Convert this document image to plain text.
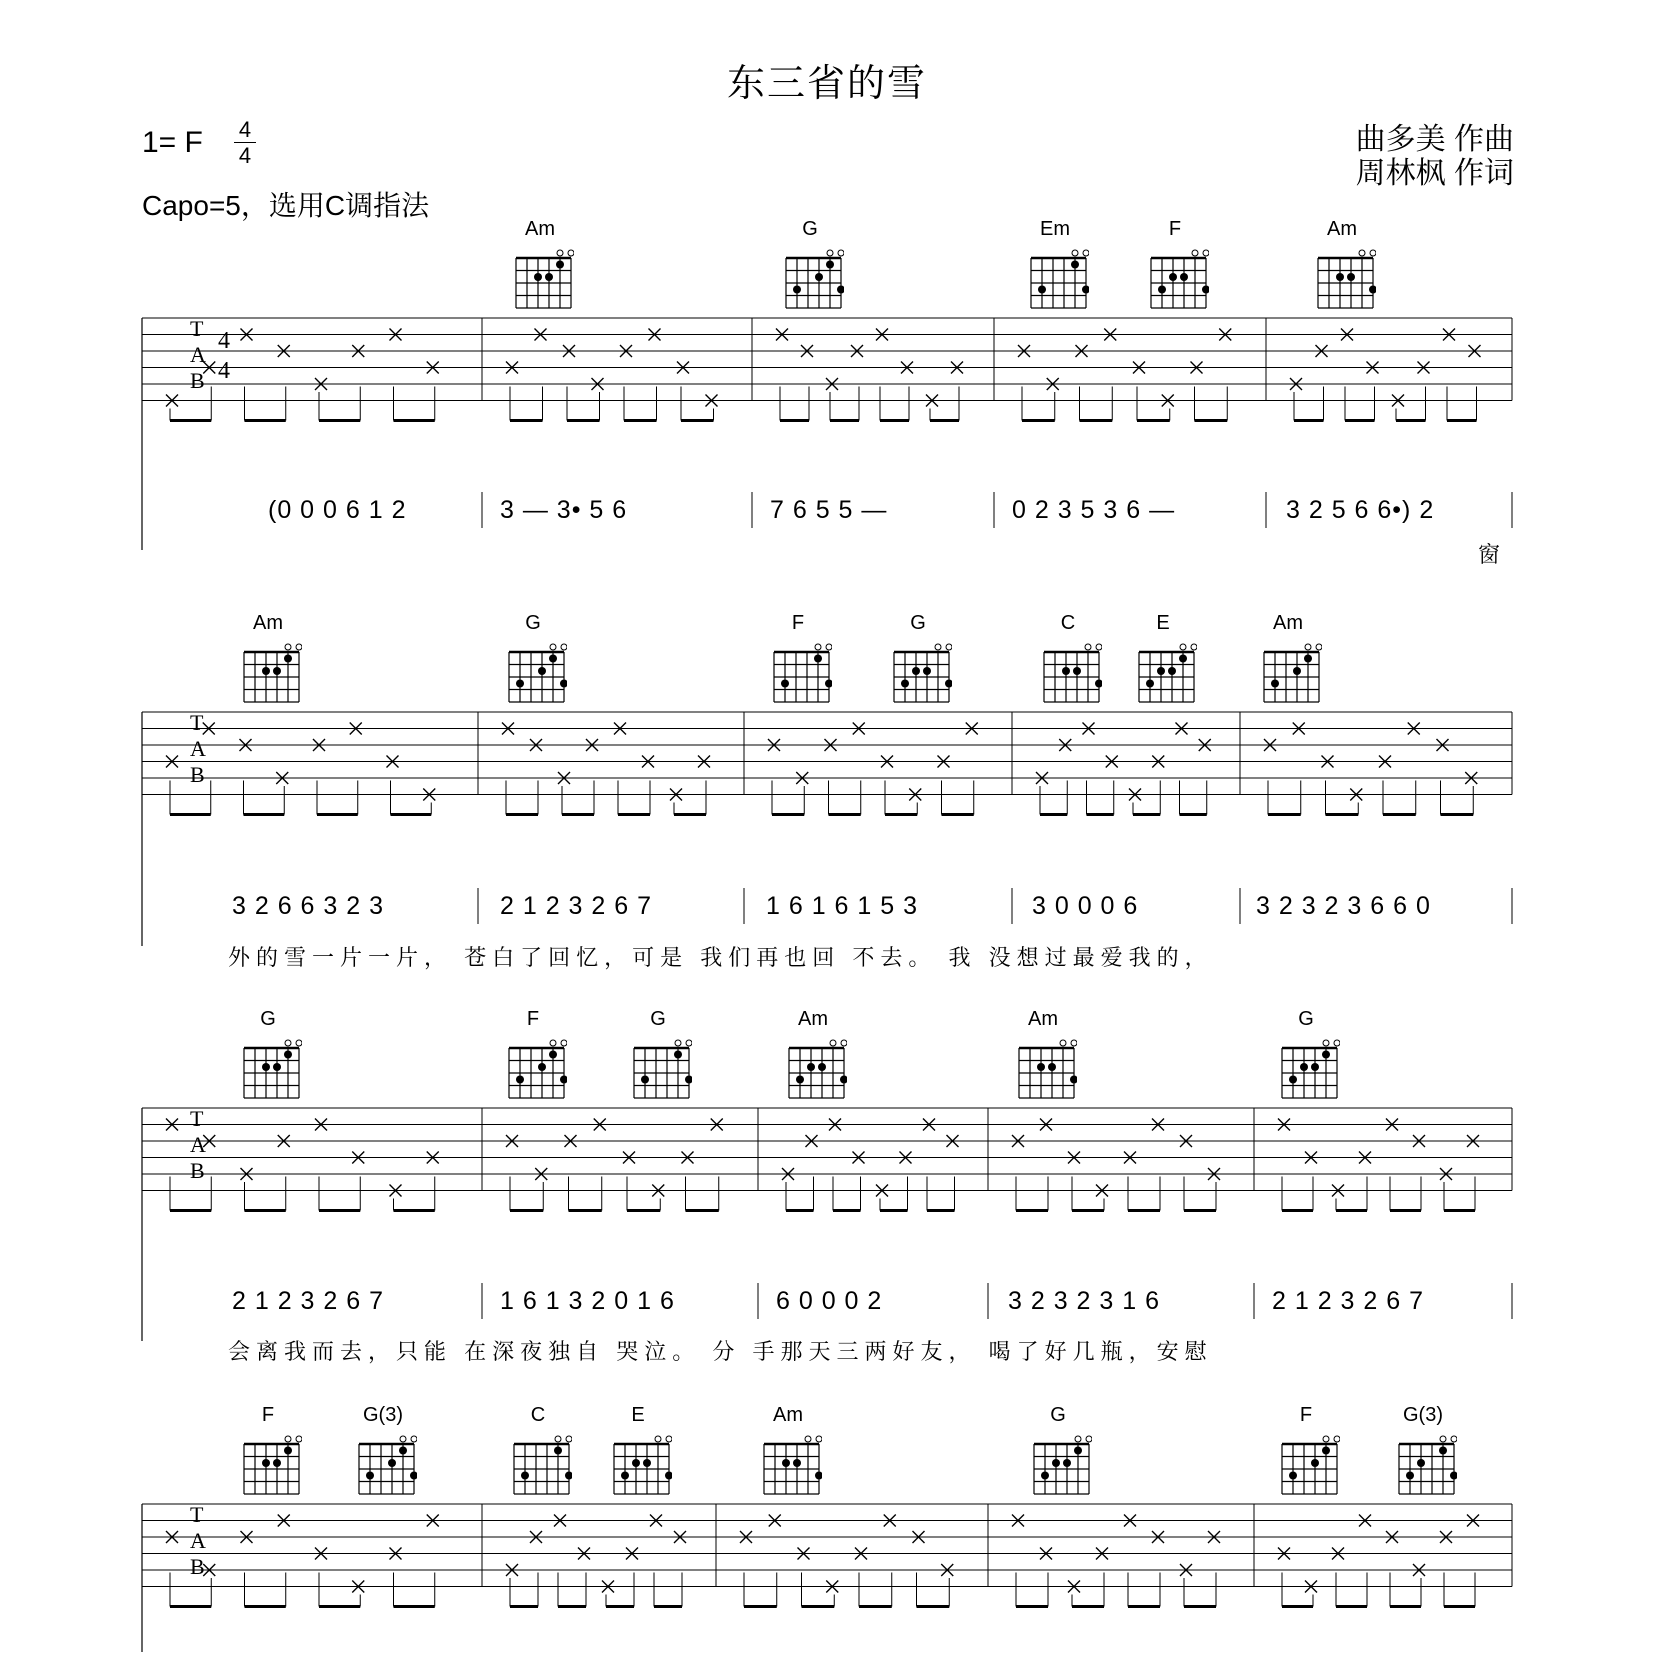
东三省的雪
1= F	4
4
Capo=5，选用C调指法
曲多美 作曲
周林枫 作词
Am	G	Em	F	Am
T
A
B
4
4
(0 0 0 6 1 2	3 — 3• 5 6	7 6 5 5 —	0 2 3 5 3 6 —	3 2 5 6 6•) 2
窗
Am	G	F	G	C	E	Am
T
A
B
3 2 6 6 3 2 3	2 1 2 3 2 6 7	1 6 1 6 1 5 3	3 0 0 0 6	3 2 3 2 3 6 6 0
外的雪一片一片， 苍白了回忆，可是 我们再也回 不去。 我 没想过最爱我的，
G	F	G	Am	Am	G
T
A
B
2 1 2 3 2 6 7	1 6 1 3 2 0 1 6	6 0 0 0 2	3 2 3 2 3 1 6	2 1 2 3 2 6 7
会离我而去，只能 在深夜独自 哭泣。 分 手那天三两好友， 喝了好几瓶，安慰
F	G(3)	C	E	Am	G	F	G(3)
T
A
B
